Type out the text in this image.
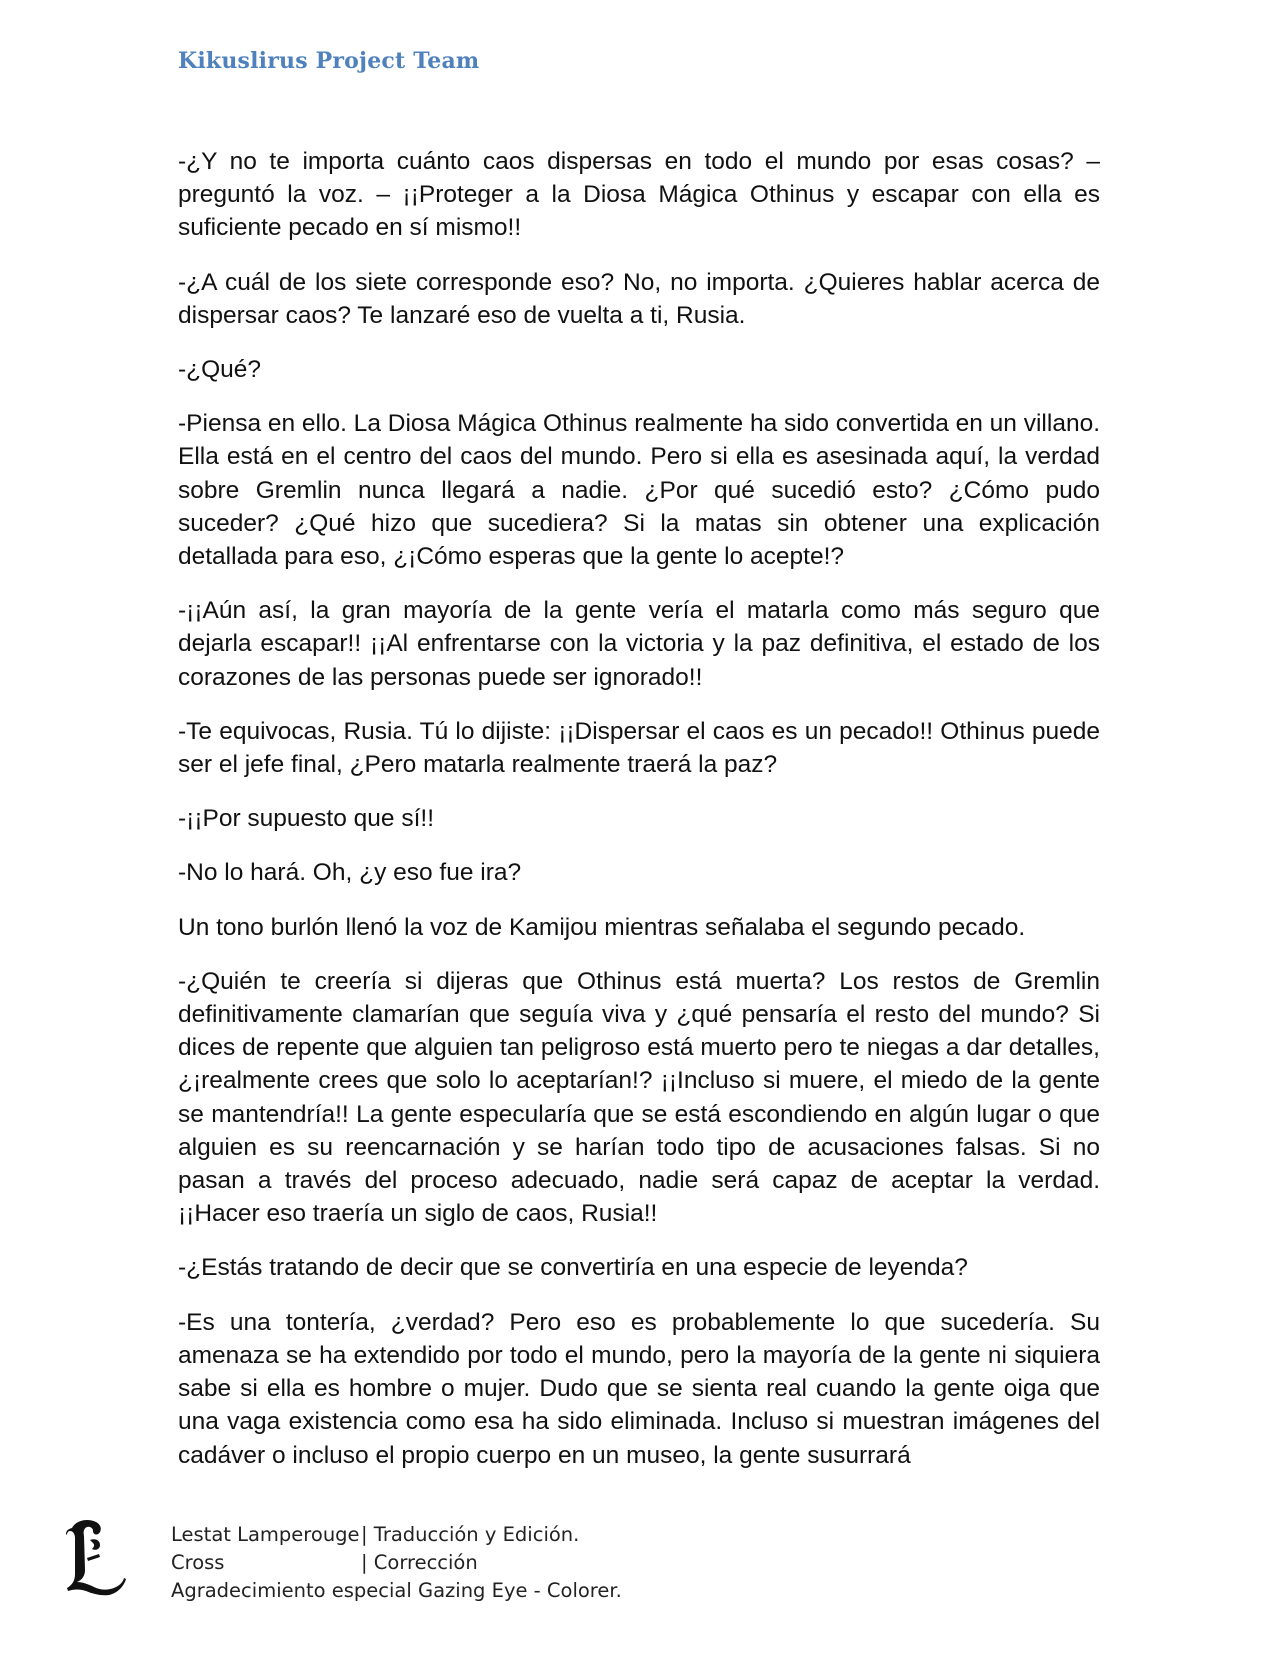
Kikuslirus Project Team

-¿Y no te importa cuánto caos dispersas en todo el mundo por esas cosas? – preguntó la voz. – ¡¡Proteger a la Diosa Mágica Othinus y escapar con ella es suficiente pecado en sí mismo!!

-¿A cuál de los siete corresponde eso? No, no importa. ¿Quieres hablar acerca de dispersar caos? Te lanzaré eso de vuelta a ti, Rusia.

-¿Qué?

-Piensa en ello. La Diosa Mágica Othinus realmente ha sido convertida en un villano. Ella está en el centro del caos del mundo. Pero si ella es asesinada aquí, la verdad sobre Gremlin nunca llegará a nadie. ¿Por qué sucedió esto? ¿Cómo pudo suceder? ¿Qué hizo que sucediera? Si la matas sin obtener una explicación detallada para eso, ¿¡Cómo esperas que la gente lo acepte!?

-¡¡Aún así, la gran mayoría de la gente vería el matarla como más seguro que dejarla escapar!! ¡¡Al enfrentarse con la victoria y la paz definitiva, el estado de los corazones de las personas puede ser ignorado!!

-Te equivocas, Rusia. Tú lo dijiste: ¡¡Dispersar el caos es un pecado!! Othinus puede ser el jefe final, ¿Pero matarla realmente traerá la paz?

-¡¡Por supuesto que sí!!

-No lo hará. Oh, ¿y eso fue ira?

Un tono burlón llenó la voz de Kamijou mientras señalaba el segundo pecado.

-¿Quién te creería si dijeras que Othinus está muerta? Los restos de Gremlin definitivamente clamarían que seguía viva y ¿qué pensaría el resto del mundo? Si dices de repente que alguien tan peligroso está muerto pero te niegas a dar detalles, ¿¡realmente crees que solo lo aceptarían!? ¡¡Incluso si muere, el miedo de la gente se mantendría!! La gente especularía que se está escondiendo en algún lugar o que alguien es su reencarnación y se harían todo tipo de acusaciones falsas. Si no pasan a través del proceso adecuado, nadie será capaz de aceptar la verdad. ¡¡Hacer eso traería un siglo de caos, Rusia!!

-¿Estás tratando de decir que se convertiría en una especie de leyenda?

-Es una tontería, ¿verdad? Pero eso es probablemente lo que sucedería. Su amenaza se ha extendido por todo el mundo, pero la mayoría de la gente ni siquiera sabe si ella es hombre o mujer. Dudo que se sienta real cuando la gente oiga que una vaga existencia como esa ha sido eliminada. Incluso si muestran imágenes del cadáver o incluso el propio cuerpo en un museo, la gente susurrará

Lestat Lamperouge | Traducción y Edición.
Cross	| Corrección
Agradecimiento especial Gazing Eye - Colorer.
